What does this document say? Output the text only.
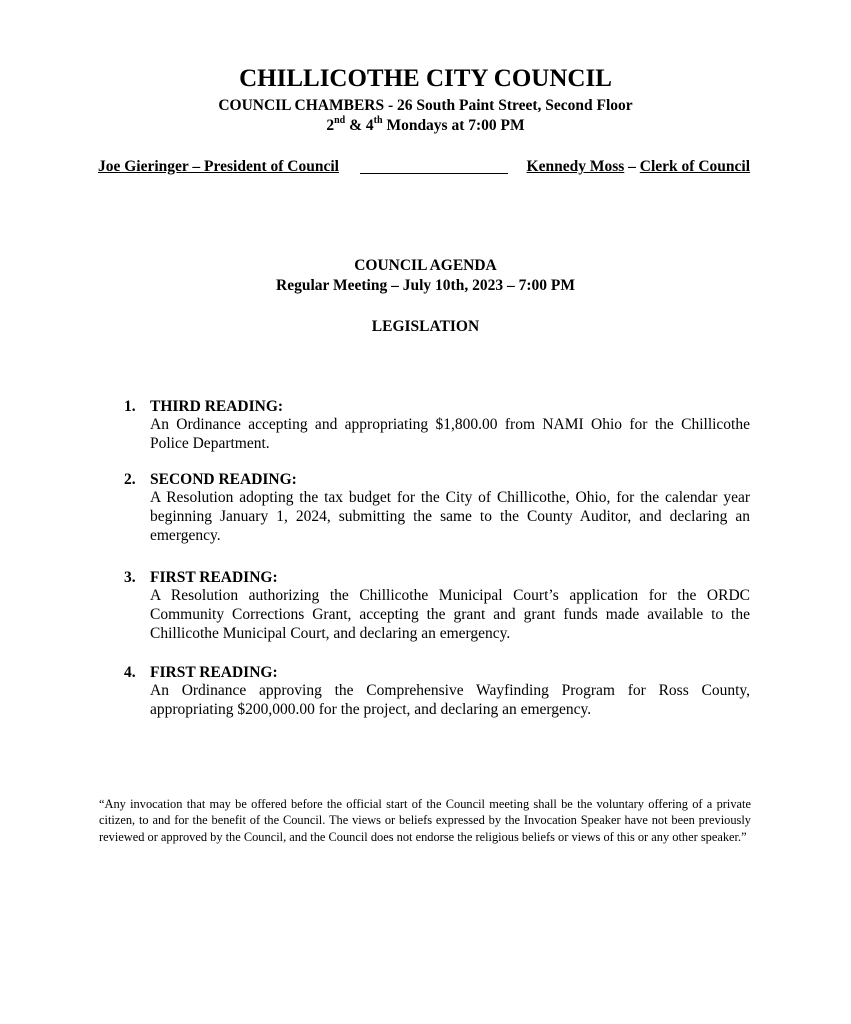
CHILLICOTHE CITY COUNCIL
COUNCIL CHAMBERS - 26 South Paint Street, Second Floor
2nd & 4th Mondays at 7:00 PM
Joe Gieringer – President of Council	Kennedy Moss – Clerk of Council
COUNCIL AGENDA
Regular Meeting – July 10th, 2023 – 7:00 PM
LEGISLATION
1. THIRD READING:
An Ordinance accepting and appropriating $1,800.00 from NAMI Ohio for the Chillicothe Police Department.
2. SECOND READING:
A Resolution adopting the tax budget for the City of Chillicothe, Ohio, for the calendar year beginning January 1, 2024, submitting the same to the County Auditor, and declaring an emergency.
3. FIRST READING:
A Resolution authorizing the Chillicothe Municipal Court’s application for the ORDC Community Corrections Grant, accepting the grant and grant funds made available to the Chillicothe Municipal Court, and declaring an emergency.
4. FIRST READING:
An Ordinance approving the Comprehensive Wayfinding Program for Ross County, appropriating $200,000.00 for the project, and declaring an emergency.
“Any invocation that may be offered before the official start of the Council meeting shall be the voluntary offering of a private citizen, to and for the benefit of the Council. The views or beliefs expressed by the Invocation Speaker have not been previously reviewed or approved by the Council, and the Council does not endorse the religious beliefs or views of this or any other speaker.”
